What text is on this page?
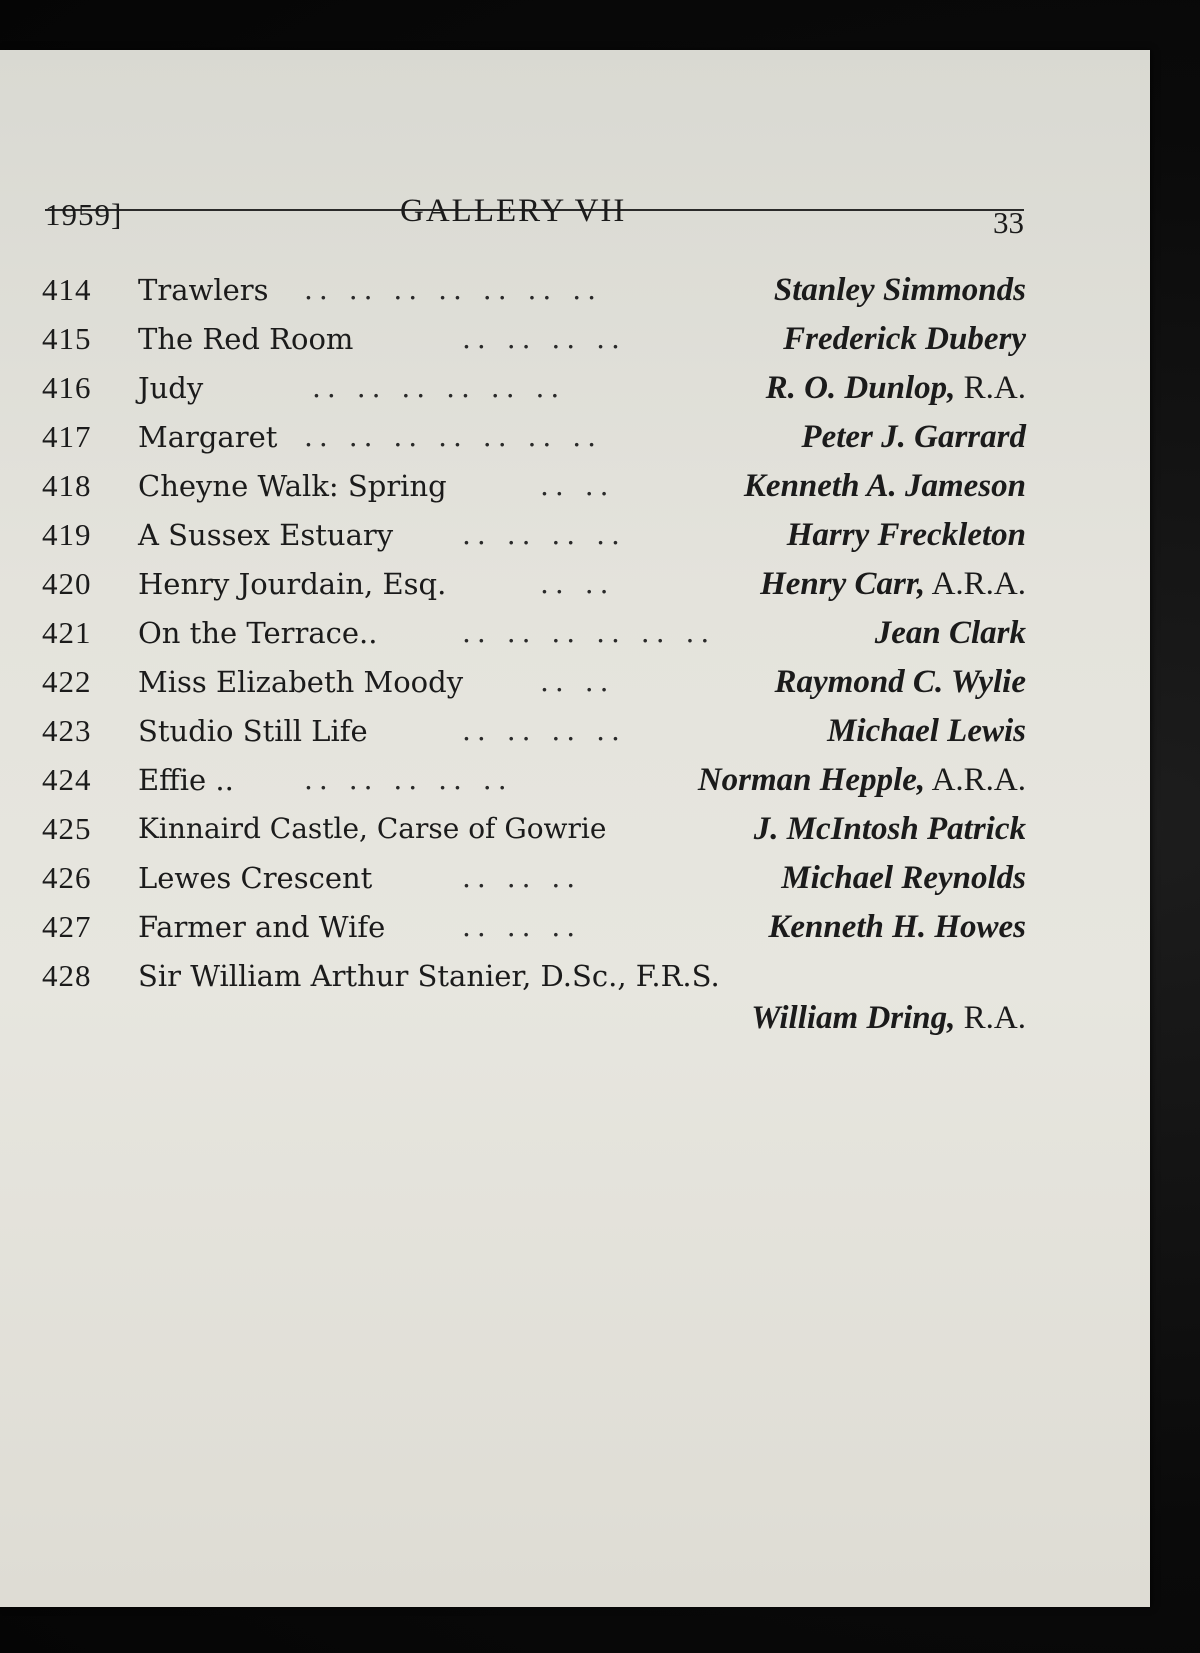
1959]	GALLERY VII	33
414 Trawlers .. .. .. .. .. .. ..	Stanley Simmonds
415 The Red Room	.. .. .. ..	Frederick Dubery
416 Judy	.. .. .. .. .. ..	R. O. Dunlop, R.A.
417 Margaret .. .. .. .. .. .. ..	Peter J. Garrard
418 Cheyne Walk: Spring	.. ..	Kenneth A. Jameson
419 A Sussex Estuary .. .. .. ..	Harry Freckleton
420 Henry Jourdain, Esq.	.. ..	Henry Carr, A.R.A.
421 On the Terrace..	.. .. .. .. .. ..	Jean Clark
422 Miss Elizabeth Moody	.. ..	Raymond C. Wylie
423 Studio Still Life	.. .. .. ..	Michael Lewis
424 Effie ..	.. .. .. .. ..	Norman Hepple, A.R.A.
425 Kinnaird Castle, Carse of Gowrie	J. McIntosh Patrick
426 Lewes Crescent	.. .. ..	Michael Reynolds
427 Farmer and Wife	.. .. ..	Kenneth H. Howes
428 Sir William Arthur Stanier, D.Sc., F.R.S.
William Dring, R.A.
